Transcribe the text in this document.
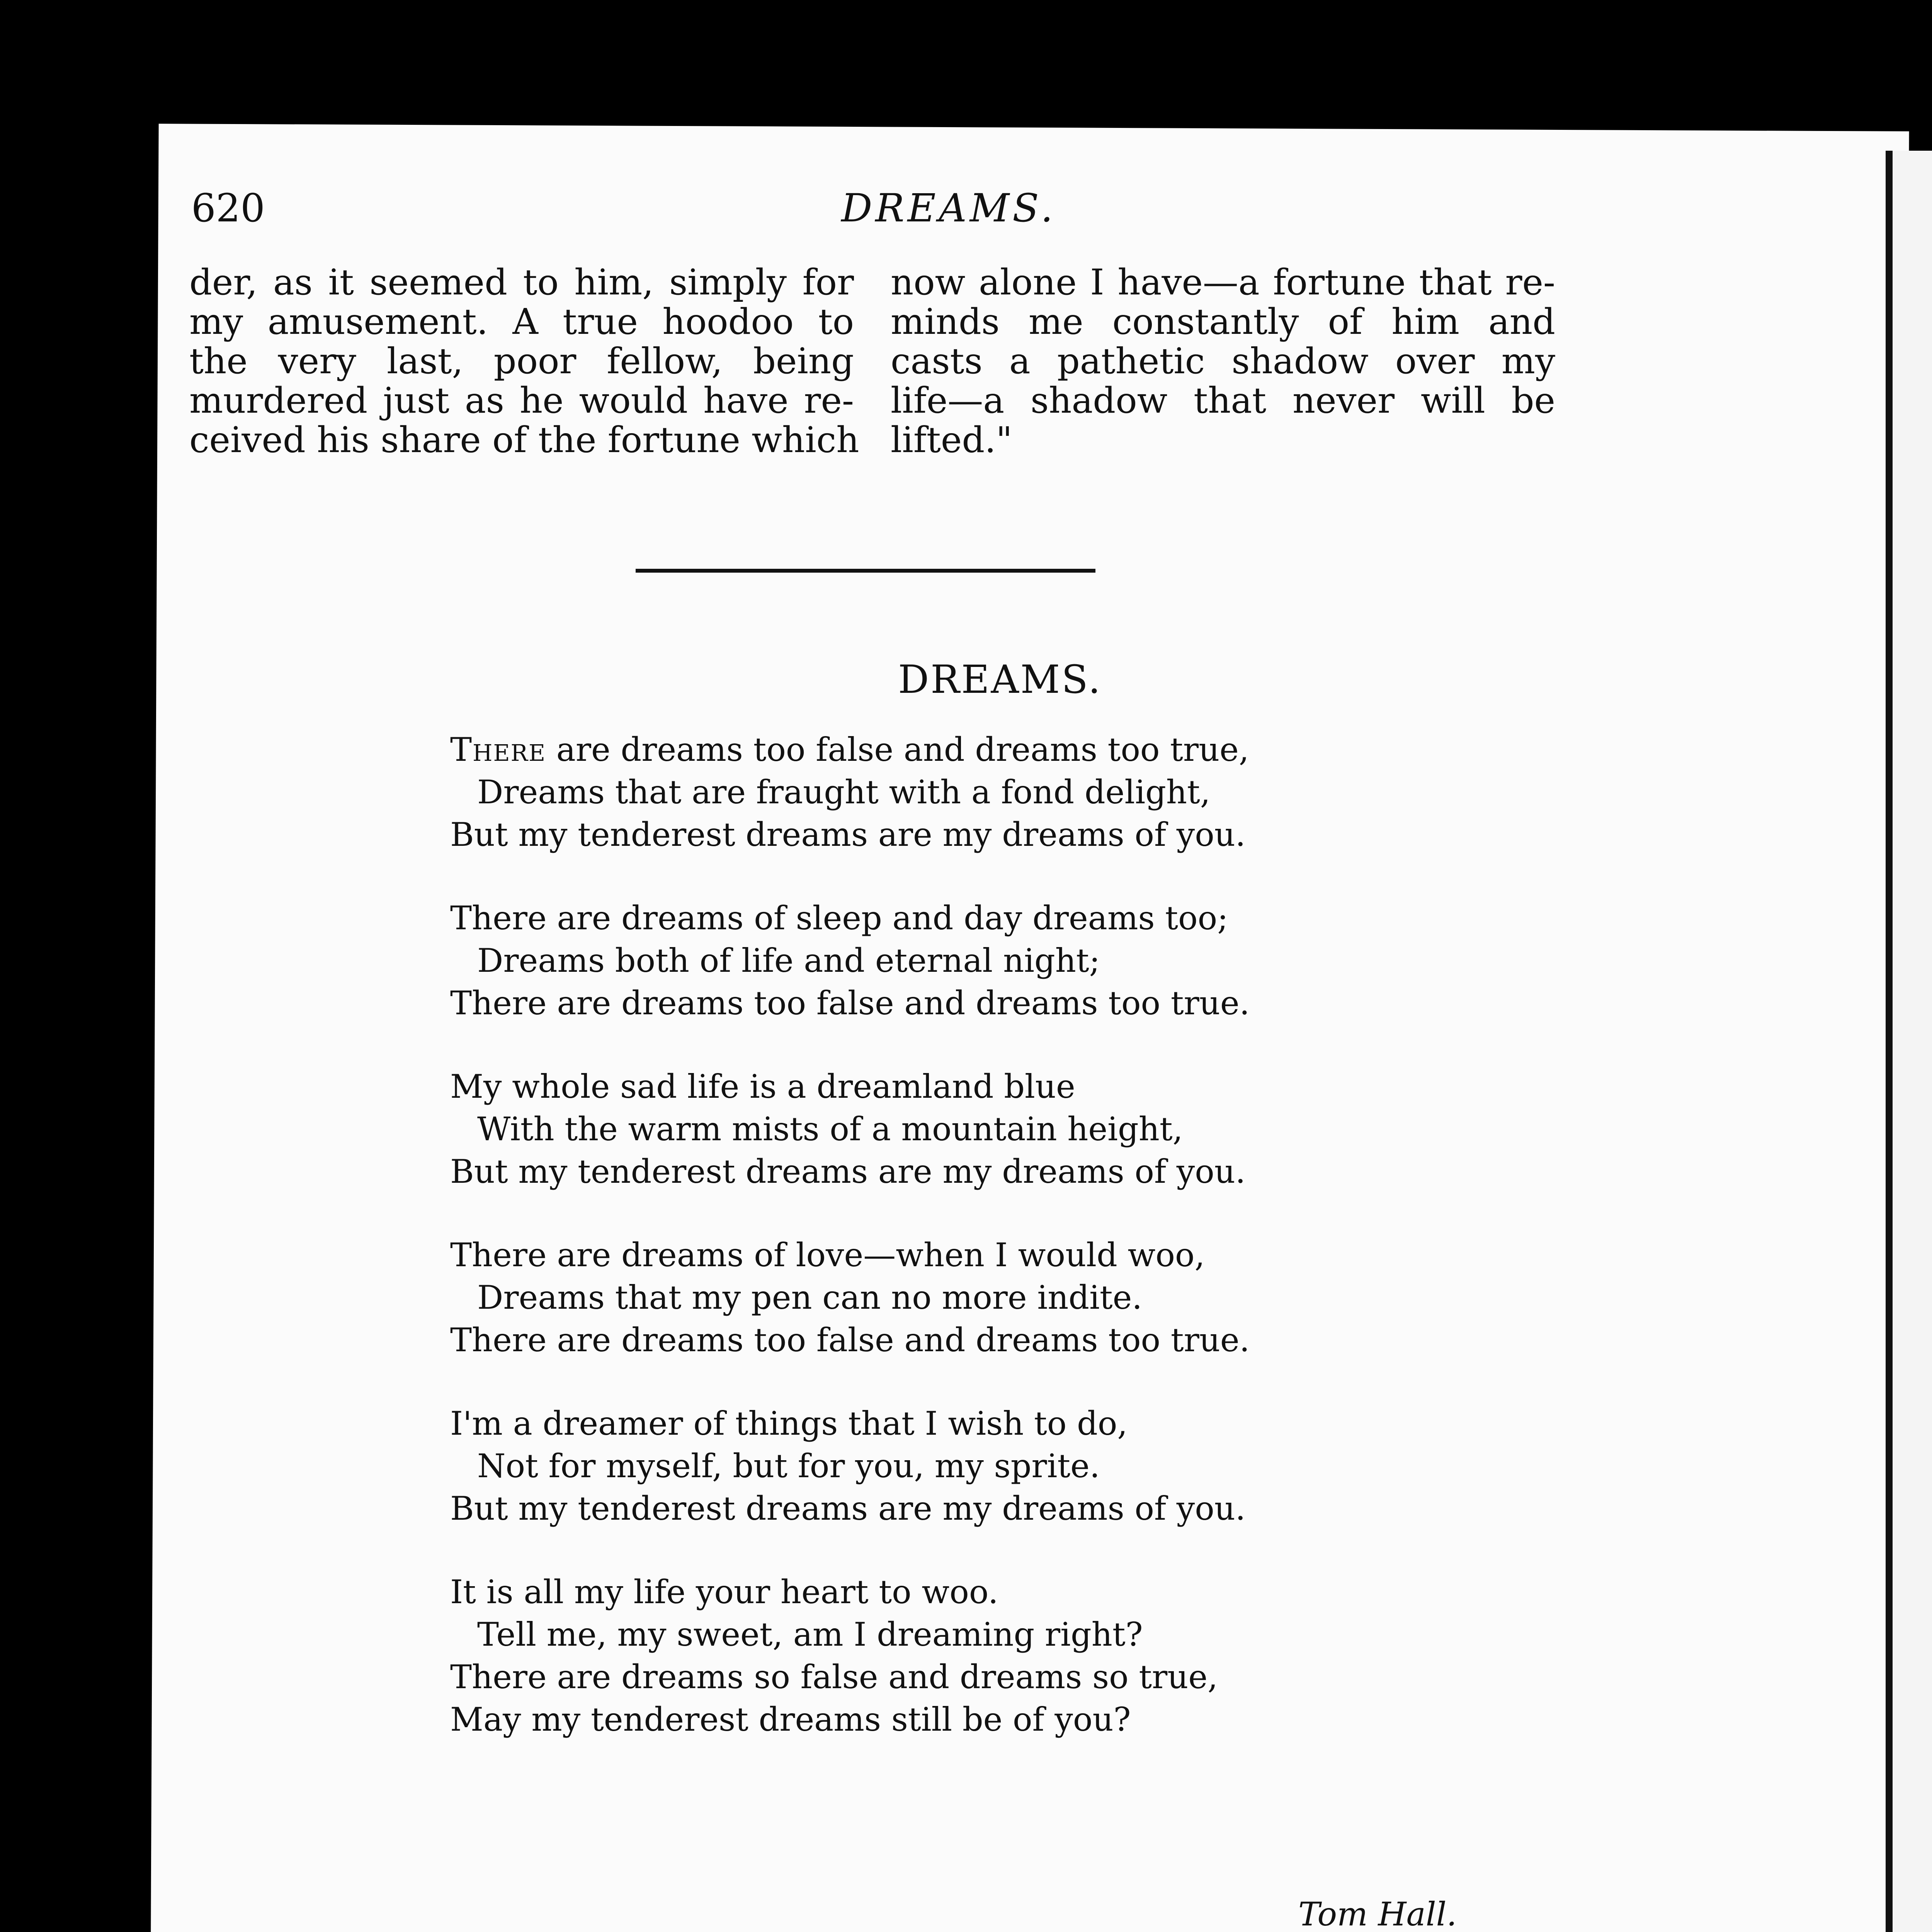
620	DREAMS.
der, as it seemed to him, simply for
my amusement. A true hoodoo to
the very last, poor fellow, being
murdered just as he would have re-
ceived his share of the fortune which
now alone I have—a fortune that re-
minds me constantly of him and
casts a pathetic shadow over my
life—a shadow that never will be
lifted."
DREAMS.
There are dreams too false and dreams too true,
Dreams that are fraught with a fond delight,
But my tenderest dreams are my dreams of you.
There are dreams of sleep and day dreams too;
Dreams both of life and eternal night;
There are dreams too false and dreams too true.
My whole sad life is a dreamland blue
With the warm mists of a mountain height,
But my tenderest dreams are my dreams of you.
There are dreams of love—when I would woo,
Dreams that my pen can no more indite.
There are dreams too false and dreams too true.
I'm a dreamer of things that I wish to do,
Not for myself, but for you, my sprite.
But my tenderest dreams are my dreams of you.
It is all my life your heart to woo.
Tell me, my sweet, am I dreaming right?
There are dreams so false and dreams so true,
May my tenderest dreams still be of you?
Tom Hall.
